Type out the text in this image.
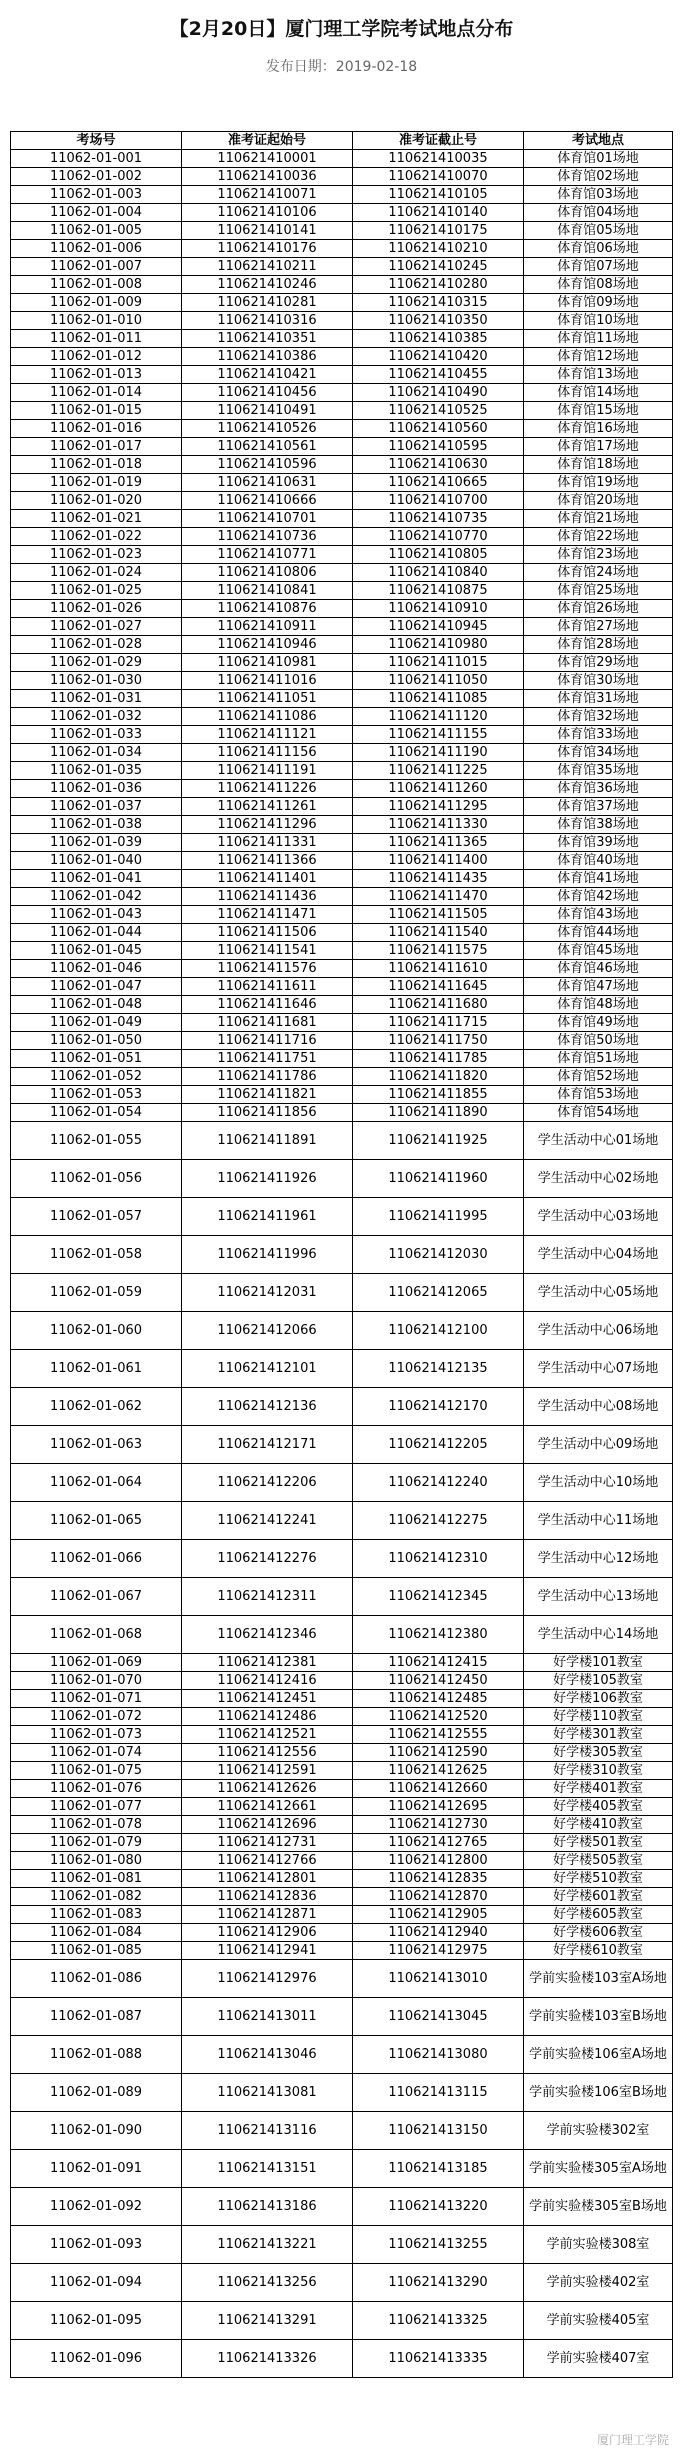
【2月20日】厦门理工学院考试地点分布
发布日期：2019-02-18
考场号	准考证起始号	准考证截止号	考试地点
11062-01-001	110621410001	110621410035	体育馆01场地
11062-01-002	110621410036	110621410070	体育馆02场地
11062-01-003	110621410071	110621410105	体育馆03场地
11062-01-004	110621410106	110621410140	体育馆04场地
11062-01-005	110621410141	110621410175	体育馆05场地
11062-01-006	110621410176	110621410210	体育馆06场地
11062-01-007	110621410211	110621410245	体育馆07场地
11062-01-008	110621410246	110621410280	体育馆08场地
11062-01-009	110621410281	110621410315	体育馆09场地
11062-01-010	110621410316	110621410350	体育馆10场地
11062-01-011	110621410351	110621410385	体育馆11场地
11062-01-012	110621410386	110621410420	体育馆12场地
11062-01-013	110621410421	110621410455	体育馆13场地
11062-01-014	110621410456	110621410490	体育馆14场地
11062-01-015	110621410491	110621410525	体育馆15场地
11062-01-016	110621410526	110621410560	体育馆16场地
11062-01-017	110621410561	110621410595	体育馆17场地
11062-01-018	110621410596	110621410630	体育馆18场地
11062-01-019	110621410631	110621410665	体育馆19场地
11062-01-020	110621410666	110621410700	体育馆20场地
11062-01-021	110621410701	110621410735	体育馆21场地
11062-01-022	110621410736	110621410770	体育馆22场地
11062-01-023	110621410771	110621410805	体育馆23场地
11062-01-024	110621410806	110621410840	体育馆24场地
11062-01-025	110621410841	110621410875	体育馆25场地
11062-01-026	110621410876	110621410910	体育馆26场地
11062-01-027	110621410911	110621410945	体育馆27场地
11062-01-028	110621410946	110621410980	体育馆28场地
11062-01-029	110621410981	110621411015	体育馆29场地
11062-01-030	110621411016	110621411050	体育馆30场地
11062-01-031	110621411051	110621411085	体育馆31场地
11062-01-032	110621411086	110621411120	体育馆32场地
11062-01-033	110621411121	110621411155	体育馆33场地
11062-01-034	110621411156	110621411190	体育馆34场地
11062-01-035	110621411191	110621411225	体育馆35场地
11062-01-036	110621411226	110621411260	体育馆36场地
11062-01-037	110621411261	110621411295	体育馆37场地
11062-01-038	110621411296	110621411330	体育馆38场地
11062-01-039	110621411331	110621411365	体育馆39场地
11062-01-040	110621411366	110621411400	体育馆40场地
11062-01-041	110621411401	110621411435	体育馆41场地
11062-01-042	110621411436	110621411470	体育馆42场地
11062-01-043	110621411471	110621411505	体育馆43场地
11062-01-044	110621411506	110621411540	体育馆44场地
11062-01-045	110621411541	110621411575	体育馆45场地
11062-01-046	110621411576	110621411610	体育馆46场地
11062-01-047	110621411611	110621411645	体育馆47场地
11062-01-048	110621411646	110621411680	体育馆48场地
11062-01-049	110621411681	110621411715	体育馆49场地
11062-01-050	110621411716	110621411750	体育馆50场地
11062-01-051	110621411751	110621411785	体育馆51场地
11062-01-052	110621411786	110621411820	体育馆52场地
11062-01-053	110621411821	110621411855	体育馆53场地
11062-01-054	110621411856	110621411890	体育馆54场地
11062-01-055	110621411891	110621411925	学生活动中心01场地
11062-01-056	110621411926	110621411960	学生活动中心02场地
11062-01-057	110621411961	110621411995	学生活动中心03场地
11062-01-058	110621411996	110621412030	学生活动中心04场地
11062-01-059	110621412031	110621412065	学生活动中心05场地
11062-01-060	110621412066	110621412100	学生活动中心06场地
11062-01-061	110621412101	110621412135	学生活动中心07场地
11062-01-062	110621412136	110621412170	学生活动中心08场地
11062-01-063	110621412171	110621412205	学生活动中心09场地
11062-01-064	110621412206	110621412240	学生活动中心10场地
11062-01-065	110621412241	110621412275	学生活动中心11场地
11062-01-066	110621412276	110621412310	学生活动中心12场地
11062-01-067	110621412311	110621412345	学生活动中心13场地
11062-01-068	110621412346	110621412380	学生活动中心14场地
11062-01-069	110621412381	110621412415	好学楼101教室
11062-01-070	110621412416	110621412450	好学楼105教室
11062-01-071	110621412451	110621412485	好学楼106教室
11062-01-072	110621412486	110621412520	好学楼110教室
11062-01-073	110621412521	110621412555	好学楼301教室
11062-01-074	110621412556	110621412590	好学楼305教室
11062-01-075	110621412591	110621412625	好学楼310教室
11062-01-076	110621412626	110621412660	好学楼401教室
11062-01-077	110621412661	110621412695	好学楼405教室
11062-01-078	110621412696	110621412730	好学楼410教室
11062-01-079	110621412731	110621412765	好学楼501教室
11062-01-080	110621412766	110621412800	好学楼505教室
11062-01-081	110621412801	110621412835	好学楼510教室
11062-01-082	110621412836	110621412870	好学楼601教室
11062-01-083	110621412871	110621412905	好学楼605教室
11062-01-084	110621412906	110621412940	好学楼606教室
11062-01-085	110621412941	110621412975	好学楼610教室
11062-01-086	110621412976	110621413010	学前实验楼103室A场地
11062-01-087	110621413011	110621413045	学前实验楼103室B场地
11062-01-088	110621413046	110621413080	学前实验楼106室A场地
11062-01-089	110621413081	110621413115	学前实验楼106室B场地
11062-01-090	110621413116	110621413150	学前实验楼302室
11062-01-091	110621413151	110621413185	学前实验楼305室A场地
11062-01-092	110621413186	110621413220	学前实验楼305室B场地
11062-01-093	110621413221	110621413255	学前实验楼308室
11062-01-094	110621413256	110621413290	学前实验楼402室
11062-01-095	110621413291	110621413325	学前实验楼405室
11062-01-096	110621413326	110621413335	学前实验楼407室
厦门理工学院
